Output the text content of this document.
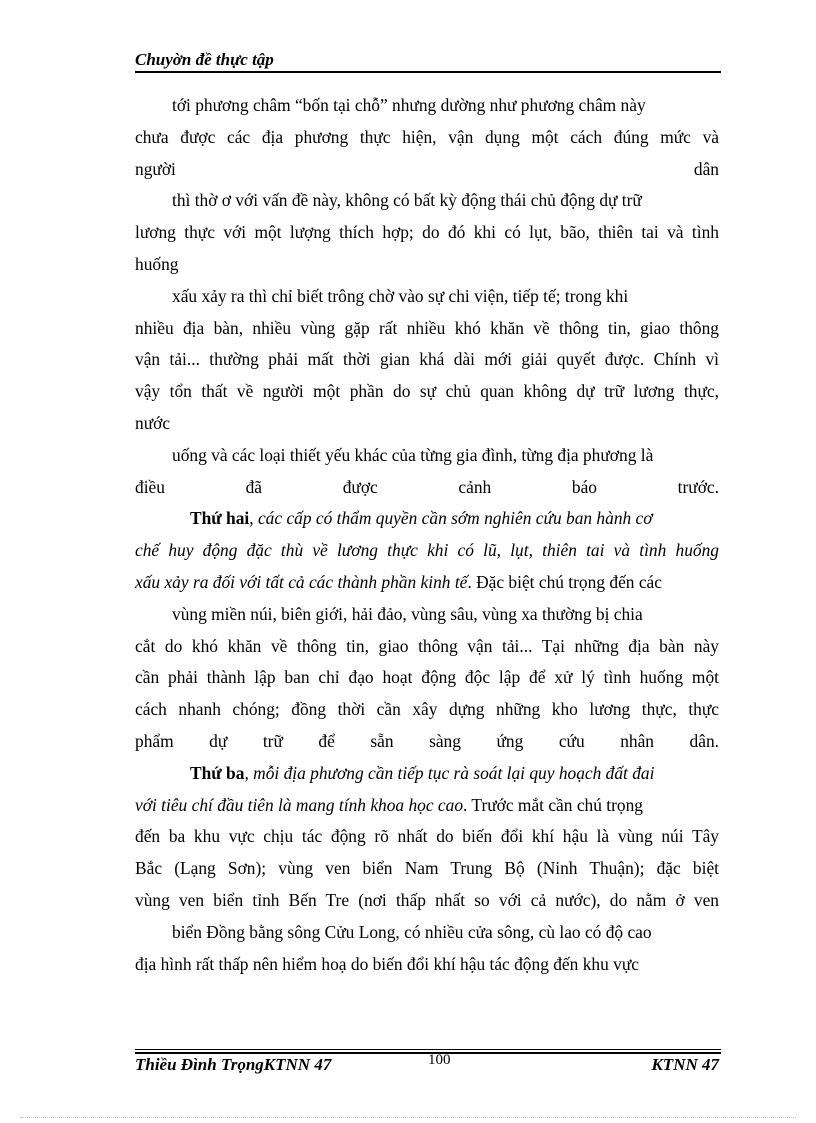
Chuyờn đề thực tập
tới phương châm “bốn tại chỗ” nhưng dường như phương châm này
chưa được các địa phương thực hiện, vận dụng một cách đúng mức và
người	dân
thì thờ ơ với vấn đề này, không có bất kỳ động thái chủ động dự trữ
lương thực với một lượng thích hợp; do đó khi có lụt, bão, thiên tai và tình
huống
xấu xảy ra thì chỉ biết trông chờ vào sự chi viện, tiếp tế; trong khi
nhiều địa bàn, nhiều vùng gặp rất nhiều khó khăn về thông tin, giao thông
vận tải... thường phải mất thời gian khá dài mới giải quyết được. Chính vì
vậy tổn thất về người một phần do sự chủ quan không dự trữ lương thực,
nước
uống và các loại thiết yếu khác của từng gia đình, từng địa phương là
điều đã được cảnh báo trước.
Thứ hai, các cấp có thẩm quyền cần sớm nghiên cứu ban hành cơ
chế huy động đặc thù về lương thực khi có lũ, lụt, thiên tai và tình huống
xấu xảy ra đối với tất cả các thành phần kinh tế. Đặc biệt chú trọng đến các
vùng miền núi, biên giới, hải đảo, vùng sâu, vùng xa thường bị chia
cắt do khó khăn về thông tin, giao thông vận tải... Tại những địa bàn này
cần phải thành lập ban chỉ đạo hoạt động độc lập để xử lý tình huống một
cách nhanh chóng; đồng thời cần xây dựng những kho lương thực, thực
phẩm dự trữ để sẵn sàng ứng cứu nhân dân.
Thứ ba, mỗi địa phương cần tiếp tục rà soát lại quy hoạch đất đai
với tiêu chí đầu tiên là mang tính khoa học cao. Trước mắt cần chú trọng
đến ba khu vực chịu tác động rõ nhất do biến đổi khí hậu là vùng núi Tây
Bắc (Lạng Sơn); vùng ven biển Nam Trung Bộ (Ninh Thuận); đặc biệt
vùng ven biển tỉnh Bến Tre (nơi thấp nhất so với cả nước), do nằm ở ven
biển Đồng bằng sông Cửu Long, có nhiều cửa sông, cù lao có độ cao
địa hình rất thấp nên hiểm hoạ do biến đổi khí hậu tác động đến khu vực
Thiều Đình TrọngKTNN 47	100	KTNN 47
